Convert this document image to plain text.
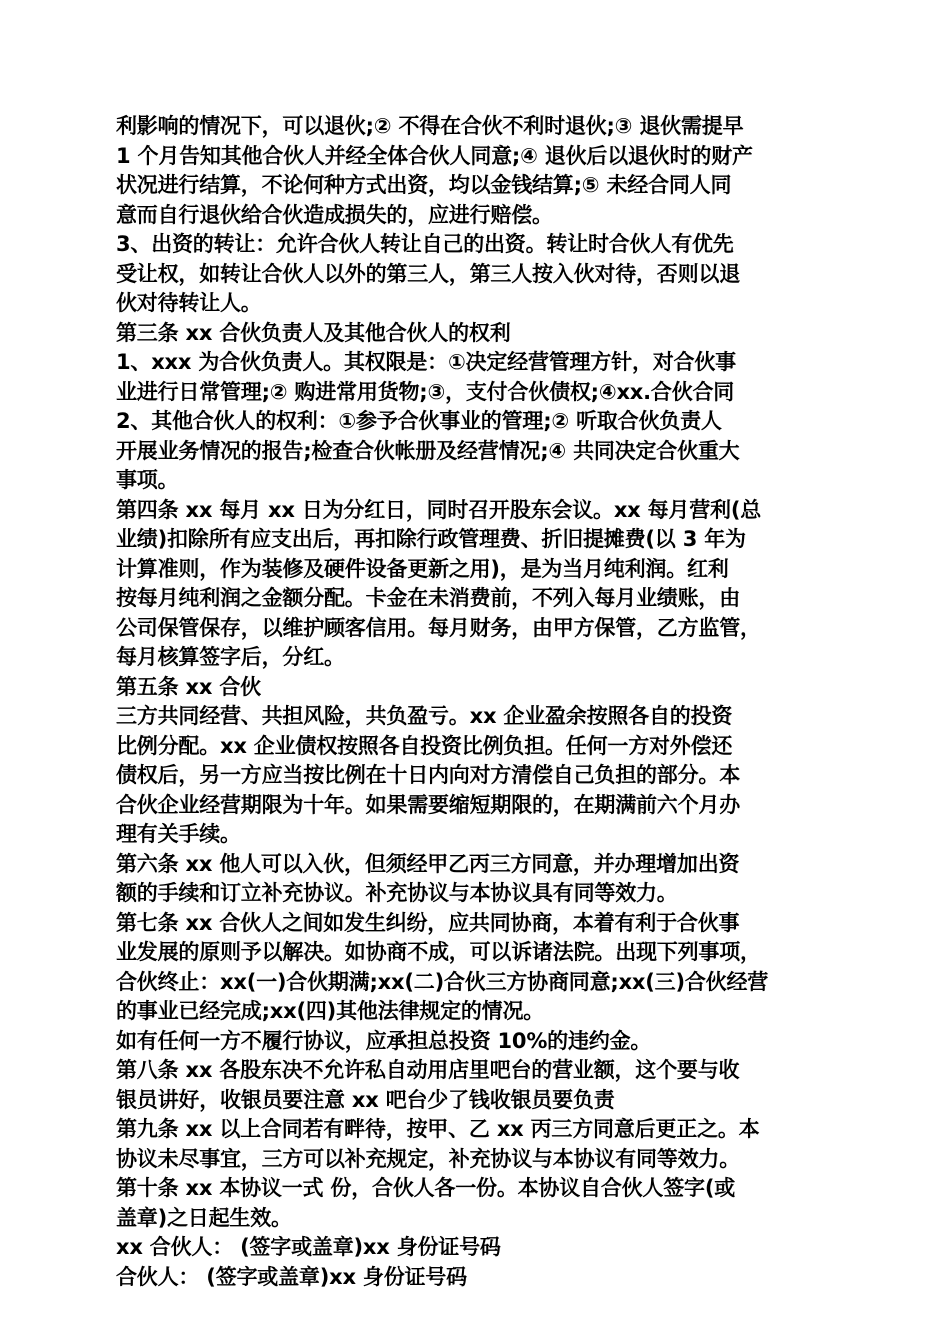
利影响的情况下，可以退伙;② 不得在合伙不利时退伙;③ 退伙需提早
1 个月告知其他合伙人并经全体合伙人同意;④ 退伙后以退伙时的财产
状况进行结算，不论何种方式出资，均以金钱结算;⑤ 未经合同人同
意而自行退伙给合伙造成损失的，应进行赔偿。
3、出资的转让：允许合伙人转让自己的出资。转让时合伙人有优先
受让权，如转让合伙人以外的第三人，第三人按入伙对待，否则以退
伙对待转让人。
第三条 xx 合伙负责人及其他合伙人的权利
1、xxx 为合伙负责人。其权限是：①决定经营管理方针，对合伙事
业进行日常管理;② 购进常用货物;③，支付合伙债权;④xx.合伙合同
2、其他合伙人的权利：①参予合伙事业的管理;② 听取合伙负责人
开展业务情况的报告;检查合伙帐册及经营情况;④ 共同决定合伙重大
事项。
第四条 xx 每月 xx 日为分红日，同时召开股东会议。xx 每月营利(总
业绩)扣除所有应支出后，再扣除行政管理费、折旧提摊费(以 3 年为
计算准则，作为装修及硬件设备更新之用)，是为当月纯利润。红利
按每月纯利润之金额分配。卡金在未消费前，不列入每月业绩账，由
公司保管保存，以维护顾客信用。每月财务，由甲方保管，乙方监管，
每月核算签字后，分红。
第五条 xx 合伙
三方共同经营、共担风险，共负盈亏。xx 企业盈余按照各自的投资
比例分配。xx 企业债权按照各自投资比例负担。任何一方对外偿还
债权后，另一方应当按比例在十日内向对方清偿自己负担的部分。本
合伙企业经营期限为十年。如果需要缩短期限的，在期满前六个月办
理有关手续。
第六条 xx 他人可以入伙，但须经甲乙丙三方同意，并办理增加出资
额的手续和订立补充协议。补充协议与本协议具有同等效力。
第七条 xx 合伙人之间如发生纠纷，应共同协商，本着有利于合伙事
业发展的原则予以解决。如协商不成，可以诉诸法院。出现下列事项，
合伙终止：xx(一)合伙期满;xx(二)合伙三方协商同意;xx(三)合伙经营
的事业已经完成;xx(四)其他法律规定的情况。
如有任何一方不履行协议，应承担总投资 10%的违约金。
第八条 xx 各股东决不允许私自动用店里吧台的营业额，这个要与收
银员讲好，收银员要注意 xx 吧台少了钱收银员要负责
第九条 xx 以上合同若有畔待，按甲、乙 xx 丙三方同意后更正之。本
协议未尽事宜，三方可以补充规定，补充协议与本协议有同等效力。
第十条 xx 本协议一式 份，合伙人各一份。本协议自合伙人签字(或
盖章)之日起生效。
xx 合伙人： (签字或盖章)xx 身份证号码
合伙人： (签字或盖章)xx 身份证号码
